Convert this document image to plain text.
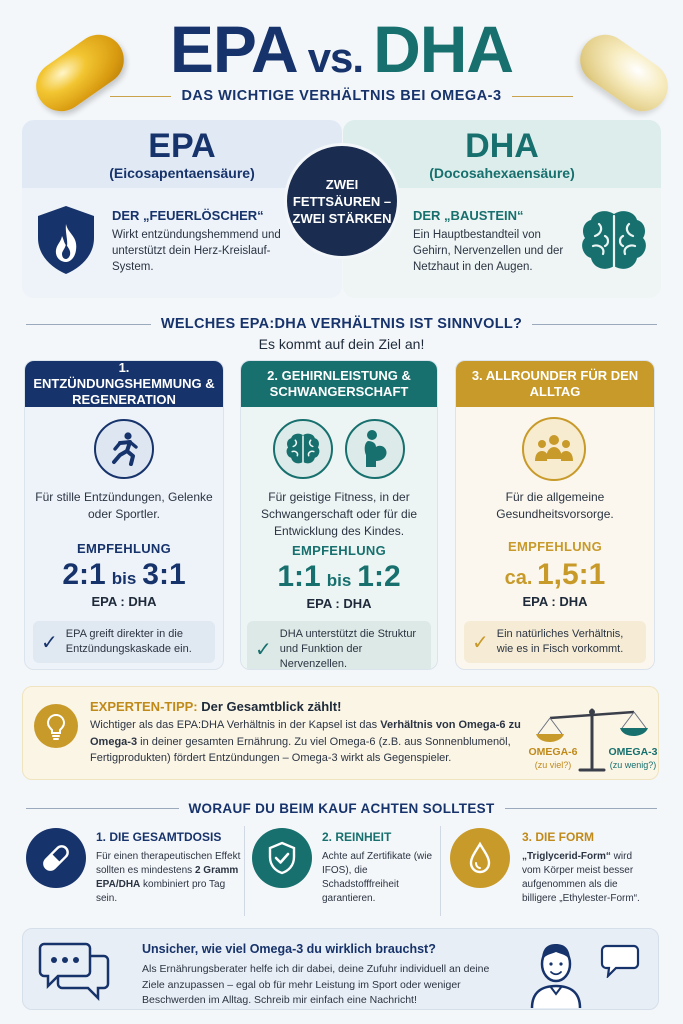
EPA vs. DHA
DAS WICHTIGE VERHÄLTNIS BEI OMEGA-3
EPA
(Eicosapentaensäure)
DER „FEUERLÖSCHER“
Wirkt entzündungshemmend und unterstützt dein Herz-Kreislauf-System.
DHA
(Docosahexaensäure)
DER „BAUSTEIN“
Ein Hauptbestandteil von Gehirn, Nervenzellen und der Netzhaut in den Augen.
ZWEI FETTSÄUREN – ZWEI STÄRKEN
WELCHES EPA:DHA VERHÄLTNIS IST SINNVOLL?
Es kommt auf dein Ziel an!
1. ENTZÜNDUNGSHEMMUNG & REGENERATION
Für stille Entzündungen, Gelenke oder Sportler.
EMPFEHLUNG
2:1 bis 3:1
EPA : DHA
✓ EPA greift direkter in die Entzündungskaskade ein.
2. GEHIRNLEISTUNG & SCHWANGERSCHAFT
Für geistige Fitness, in der Schwangerschaft oder für die Entwicklung des Kindes.
EMPFEHLUNG
1:1 bis 1:2
EPA : DHA
✓
DHA unterstützt die Struktur und Funktion der Nervenzellen.
3. ALLROUNDER FÜR DEN ALLTAG
Für die allgemeine Gesundheitsvorsorge.
EMPFEHLUNG
ca. 1,5:1
EPA : DHA
✓ Ein natürliches Verhältnis, wie es in Fisch vorkommt.
EXPERTEN-TIPP: Der Gesamtblick zählt!
Wichtiger als das EPA:DHA Verhältnis in der Kapsel ist das Verhältnis von Omega-6 zu Omega-3 in deiner gesamten Ernährung. Zu viel Omega-6 (z.B. aus Sonnenblumenöl, Fertigprodukten) fördert Entzündungen – Omega-3 wirkt als Gegenspieler.	OMEGA-6
(zu viel?)
OMEGA-3
(zu wenig?)
WORAUF DU BEIM KAUF ACHTEN SOLLTEST
1. DIE GESAMTDOSIS
Für einen therapeutischen Effekt sollten es mindestens 2 Gramm EPA/DHA kombiniert pro Tag sein.
2. REINHEIT
Achte auf Zertifikate (wie IFOS), die Schadstofffreiheit garantieren.
3. DIE FORM
„Triglycerid-Form“ wird vom Körper meist besser aufgenommen als die billigere „Ethylester-Form“.
Unsicher, wie viel Omega-3 du wirklich brauchst?
Als Ernährungsberater helfe ich dir dabei, deine Zufuhr individuell an deine Ziele anzupassen – egal ob für mehr Leistung im Sport oder weniger Beschwerden im Alltag. Schreib mir einfach eine Nachricht!
